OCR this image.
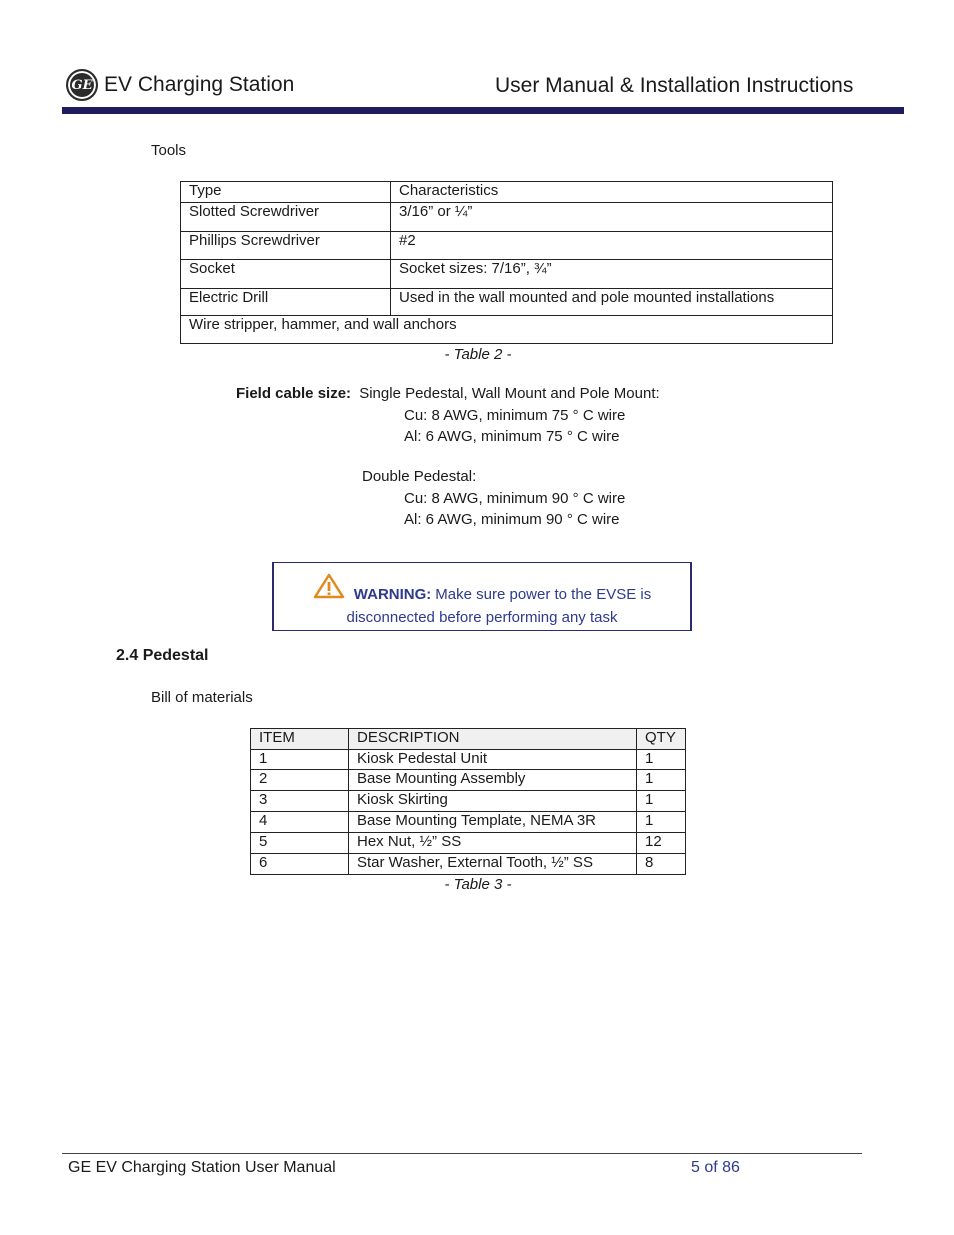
GE EV Charging Station	User Manual & Installation Instructions
Tools
Type	Characteristics
Slotted Screwdriver	3/16” or ¼”
Phillips Screwdriver	#2
Socket	Socket sizes: 7/16”, ¾”
Electric Drill	Used in the wall mounted and pole mounted installations
Wire stripper, hammer, and wall anchors	
- Table 2 -
Field cable size: Single Pedestal, Wall Mount and Pole Mount:
Cu: 8 AWG, minimum 75 ° C wire
Al: 6 AWG, minimum 75 ° C wire
Double Pedestal:
Cu: 8 AWG, minimum 90 ° C wire
Al: 6 AWG, minimum 90 ° C wire
WARNING: Make sure power to the EVSE is
disconnected before performing any task
2.4 Pedestal
Bill of materials
ITEM	DESCRIPTION	QTY
1	Kiosk Pedestal Unit	1
2	Base Mounting Assembly	1
3	Kiosk Skirting	1
4	Base Mounting Template, NEMA 3R	1
5	Hex Nut, ½” SS	12
6	Star Washer, External Tooth, ½” SS	8
- Table 3 -
GE EV Charging Station User Manual	5 of 86
